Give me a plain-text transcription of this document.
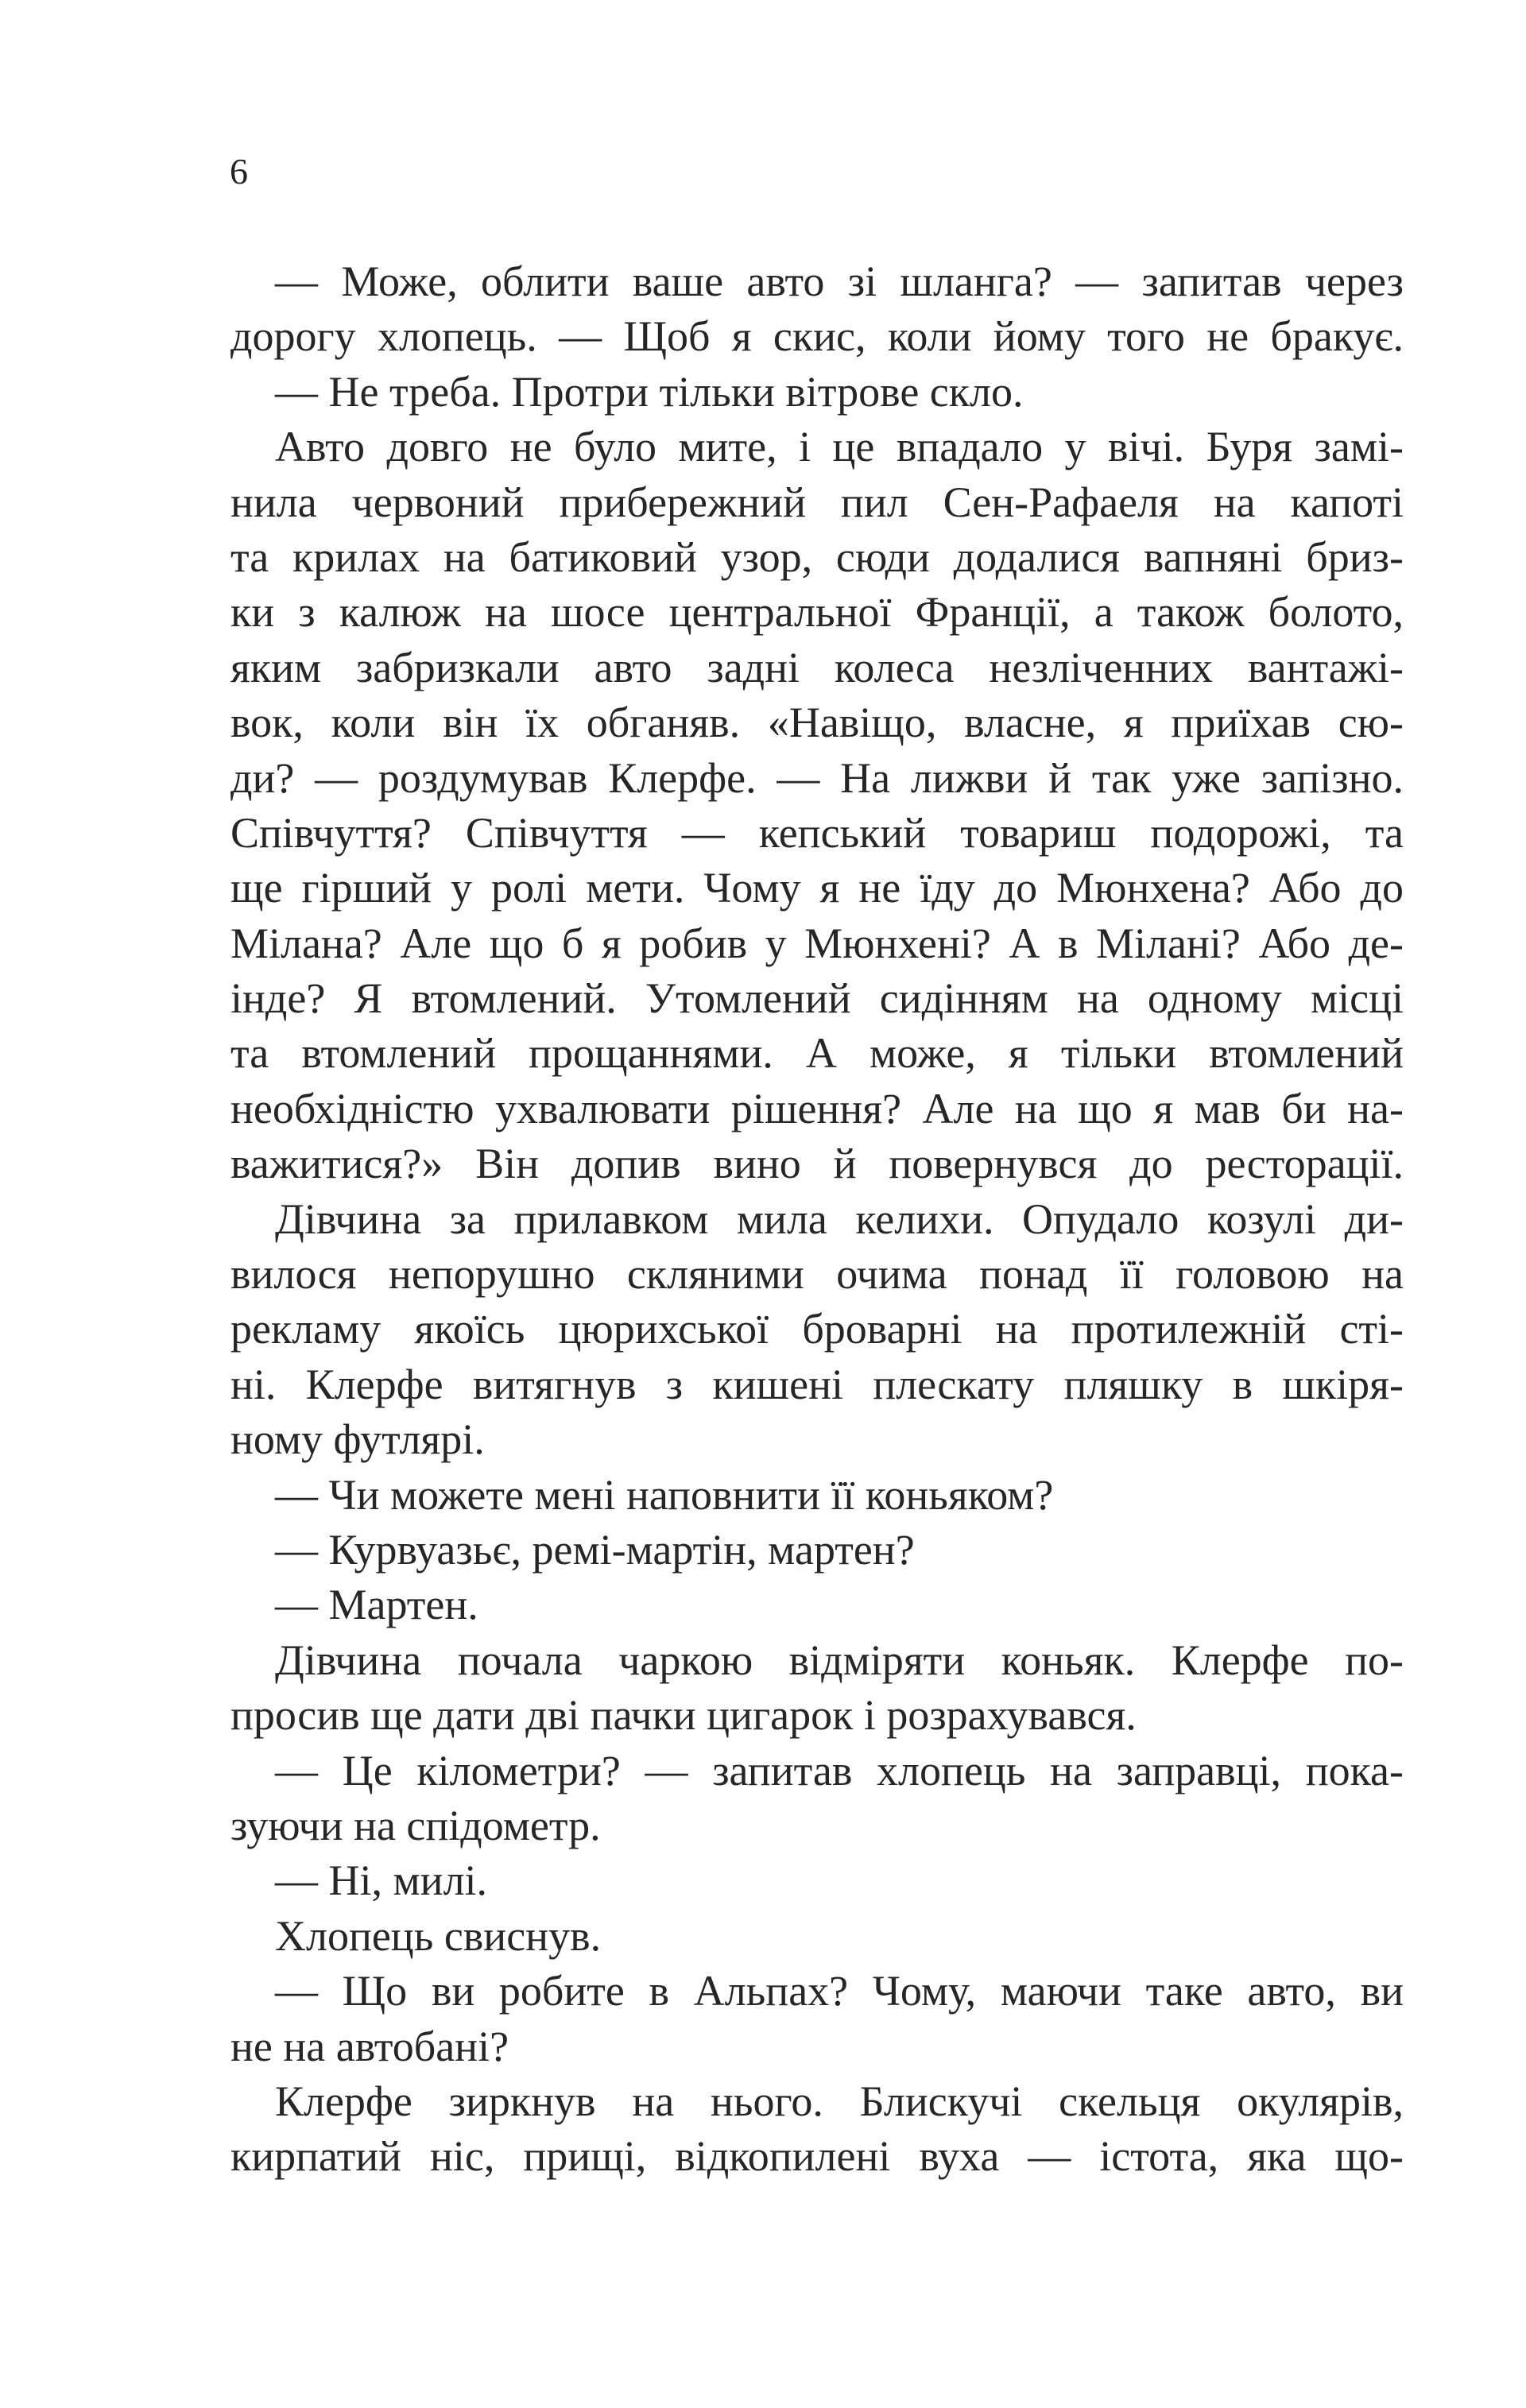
6
— Може, облити ваше авто зі шланга? — запитав через
дорогу хлопець. — Щоб я скис, коли йому того не бракує.
— Не треба. Протри тільки вітрове скло.
Авто довго не було мите, і це впадало у вічі. Буря замі-
нила червоний прибережний пил Сен-Рафаеля на капоті
та крилах на батиковий узор, сюди додалися вапняні бриз-
ки з калюж на шосе центральної Франції, а також болото,
яким забризкали авто задні колеса незліченних вантажі-
вок, коли він їх обганяв. «Навіщо, власне, я приїхав сю-
ди? — роздумував Клерфе. — На лижви й так уже запізно.
Співчуття? Співчуття — кепський товариш подорожі, та
ще гірший у ролі мети. Чому я не їду до Мюнхена? Або до
Мілана? Але що б я робив у Мюнхені? А в Мілані? Або де-
інде? Я втомлений. Утомлений сидінням на одному місці
та втомлений прощаннями. А може, я тільки втомлений
необхідністю ухвалювати рішення? Але на що я мав би на-
важитися?» Він допив вино й повернувся до ресторації.
Дівчина за прилавком мила келихи. Опудало козулі ди-
вилося непорушно скляними очима понад її головою на
рекламу якоїсь цюрихської броварні на протилежній сті-
ні. Клерфе витягнув з кишені плескату пляшку в шкіря-
ному футлярі.
— Чи можете мені наповнити її коньяком?
— Курвуазьє, ремі-мартін, мартен?
— Мартен.
Дівчина почала чаркою відміряти коньяк. Клерфе по-
просив ще дати дві пачки цигарок і розрахувався.
— Це кілометри? — запитав хлопець на заправці, пока-
зуючи на спідометр.
— Ні, милі.
Хлопець свиснув.
— Що ви робите в Альпах? Чому, маючи таке авто, ви
не на автобані?
Клерфе зиркнув на нього. Блискучі скельця окулярів,
кирпатий ніс, прищі, відкопилені вуха — істота, яка що-
